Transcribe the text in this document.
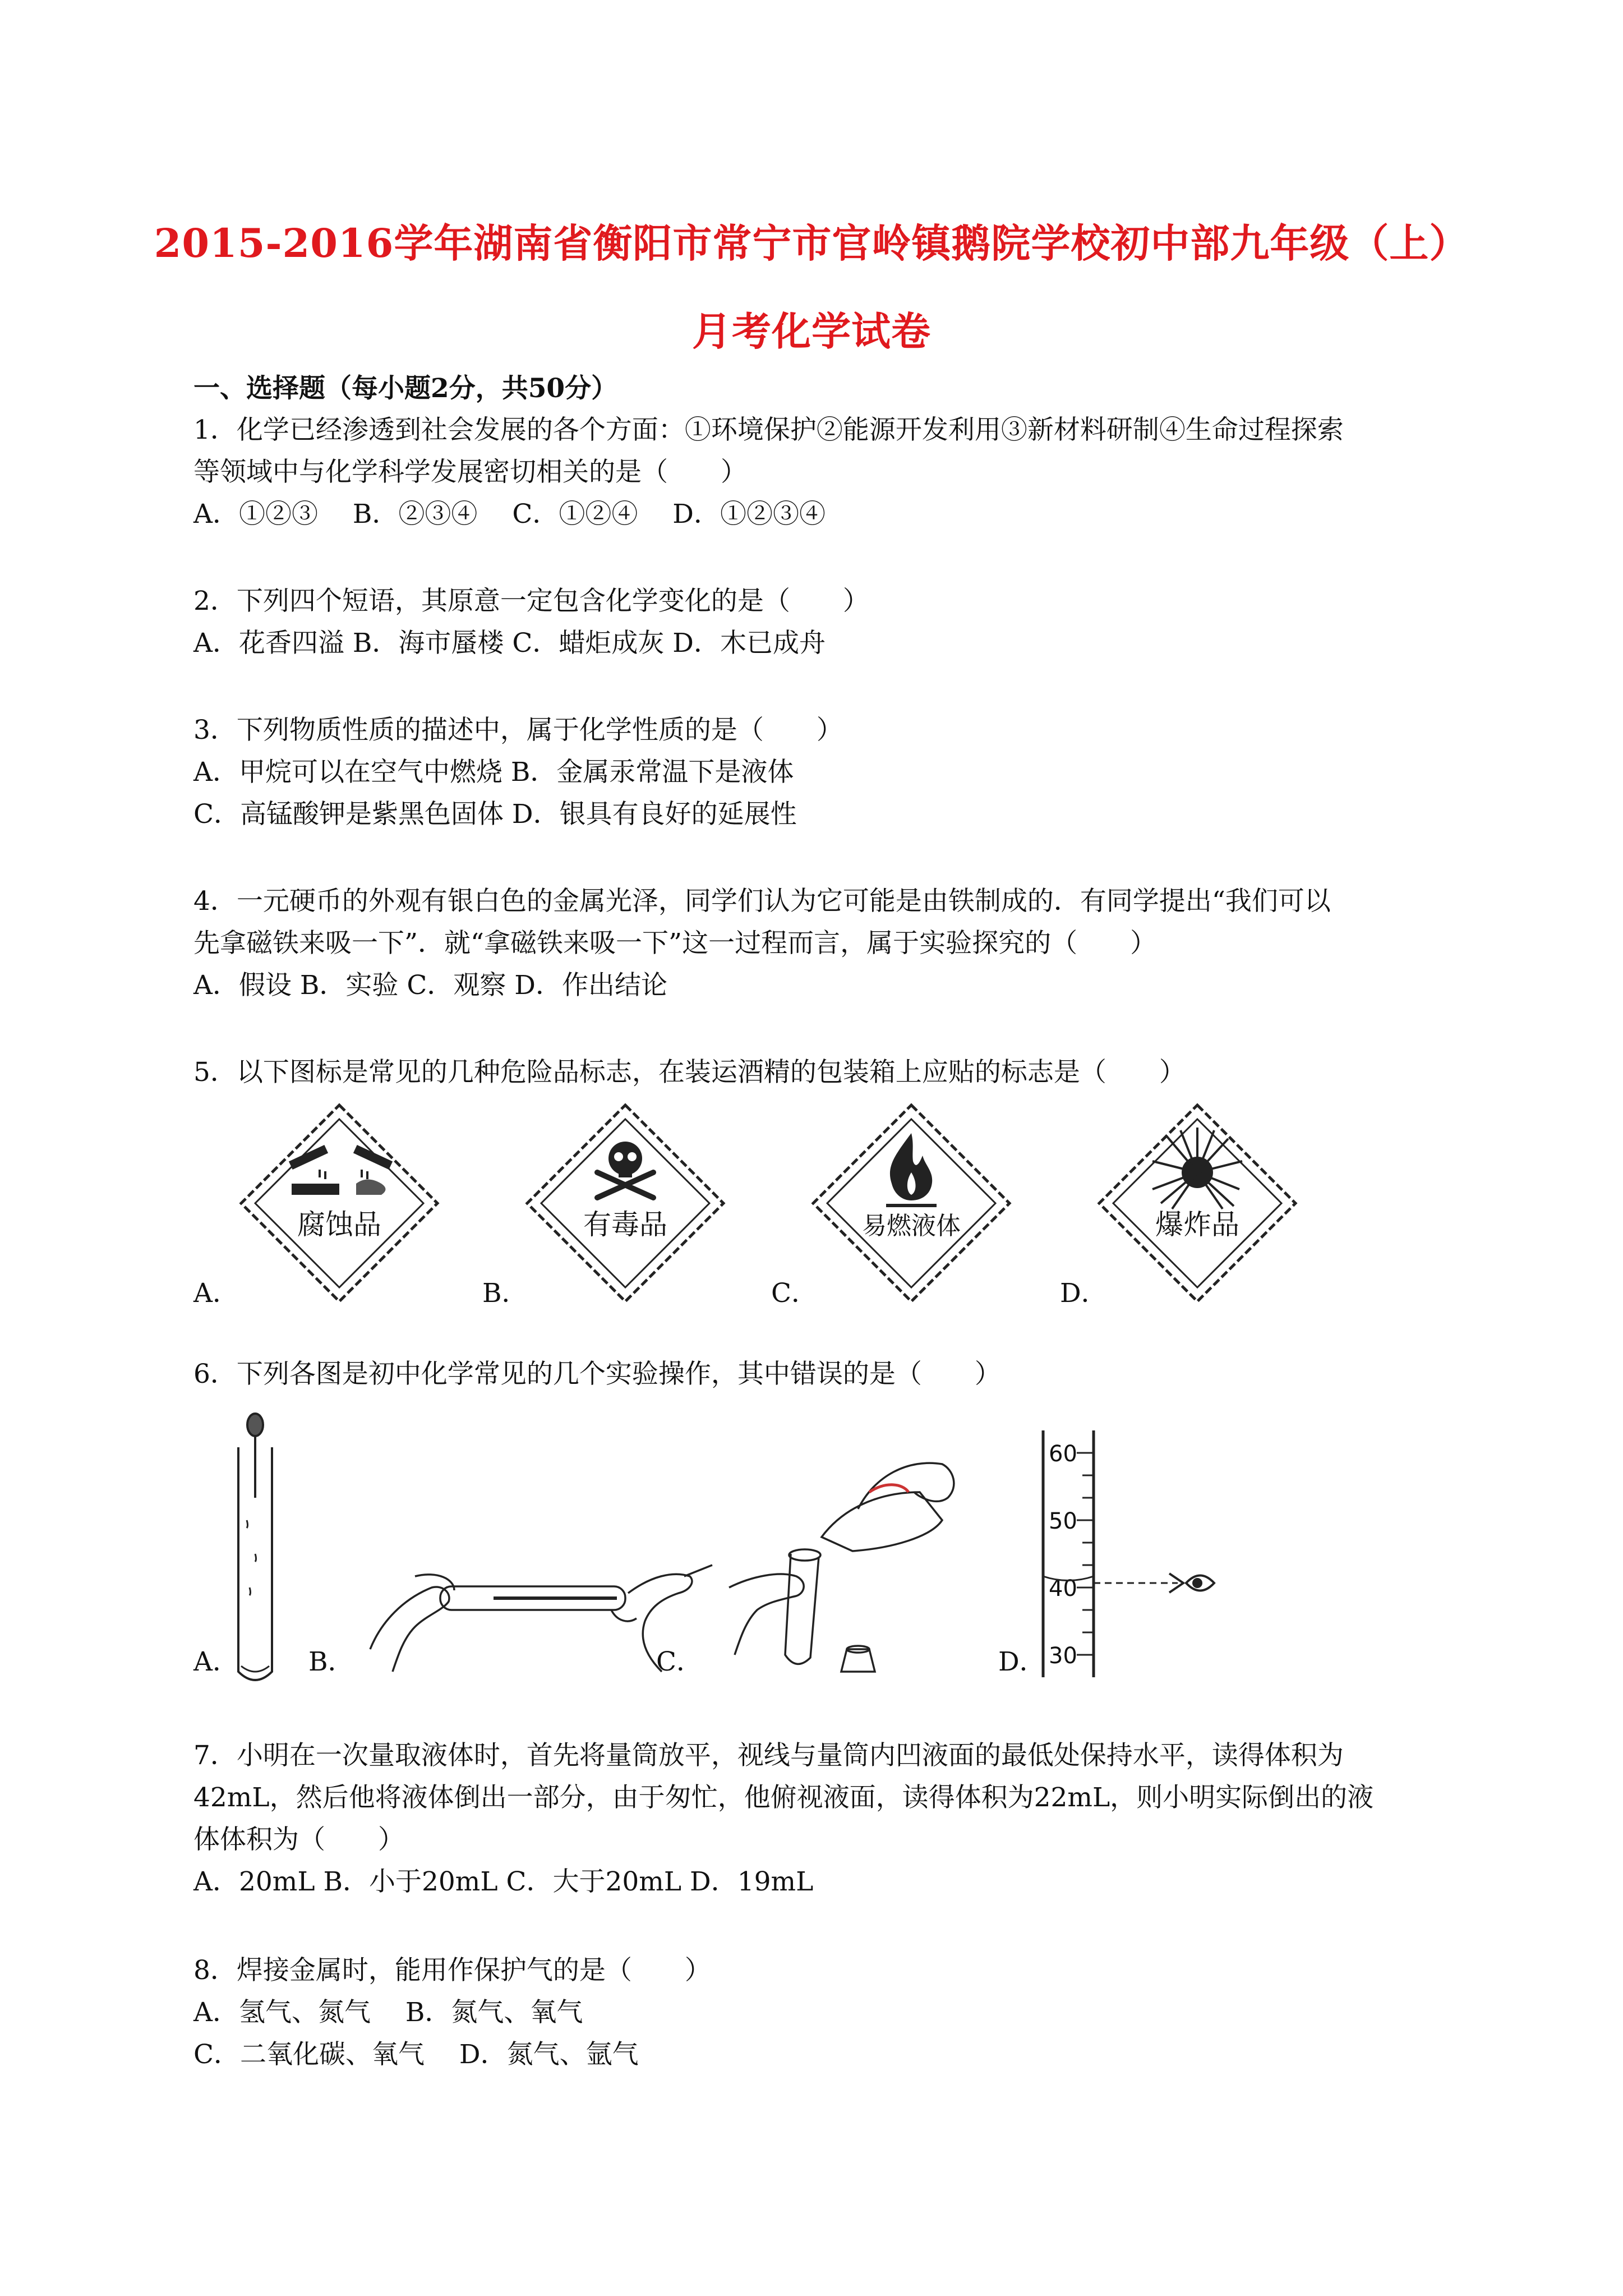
2015-2016学年湖南省衡阳市常宁市官岭镇鹅院学校初中部九年级（上）
月考化学试卷
一、选择题（每小题2分，共50分）
1．化学已经渗透到社会发展的各个方面：①环境保护②能源开发利用③新材料研制④生命过程探索
等领域中与化学科学发展密切相关的是（　　）
A．①②③　 B．②③④　 C．①②④　 D．①②③④
2．下列四个短语，其原意一定包含化学变化的是（　　）
A．花香四溢 B．海市蜃楼 C．蜡炬成灰 D．木已成舟
3．下列物质性质的描述中，属于化学性质的是（　　）
A．甲烷可以在空气中燃烧 B．金属汞常温下是液体
C．高锰酸钾是紫黑色固体 D．银具有良好的延展性
4．一元硬币的外观有银白色的金属光泽，同学们认为它可能是由铁制成的．有同学提出“我们可以
先拿磁铁来吸一下”．就“拿磁铁来吸一下”这一过程而言，属于实验探究的（　　）
A．假设 B．实验 C．观察 D．作出结论
5．以下图标是常见的几种危险品标志，在装运酒精的包装箱上应贴的标志是（　　）
腐蚀品	有毒品	易燃液体	爆炸品
A．	B．	C．	D．
6．下列各图是初中化学常见的几个实验操作，其中错误的是（　　）
60
50
40
30
A．	B．	C．	D．
7．小明在一次量取液体时，首先将量筒放平，视线与量筒内凹液面的最低处保持水平，读得体积为
42mL，然后他将液体倒出一部分，由于匆忙，他俯视液面，读得体积为22mL，则小明实际倒出的液
体体积为（　　）
A．20mL B．小于20mL C．大于20mL D．19mL
8．焊接金属时，能用作保护气的是（　　）
A．氢气、氮气　 B．氮气、氧气
C．二氧化碳、氧气　 D．氮气、氩气
